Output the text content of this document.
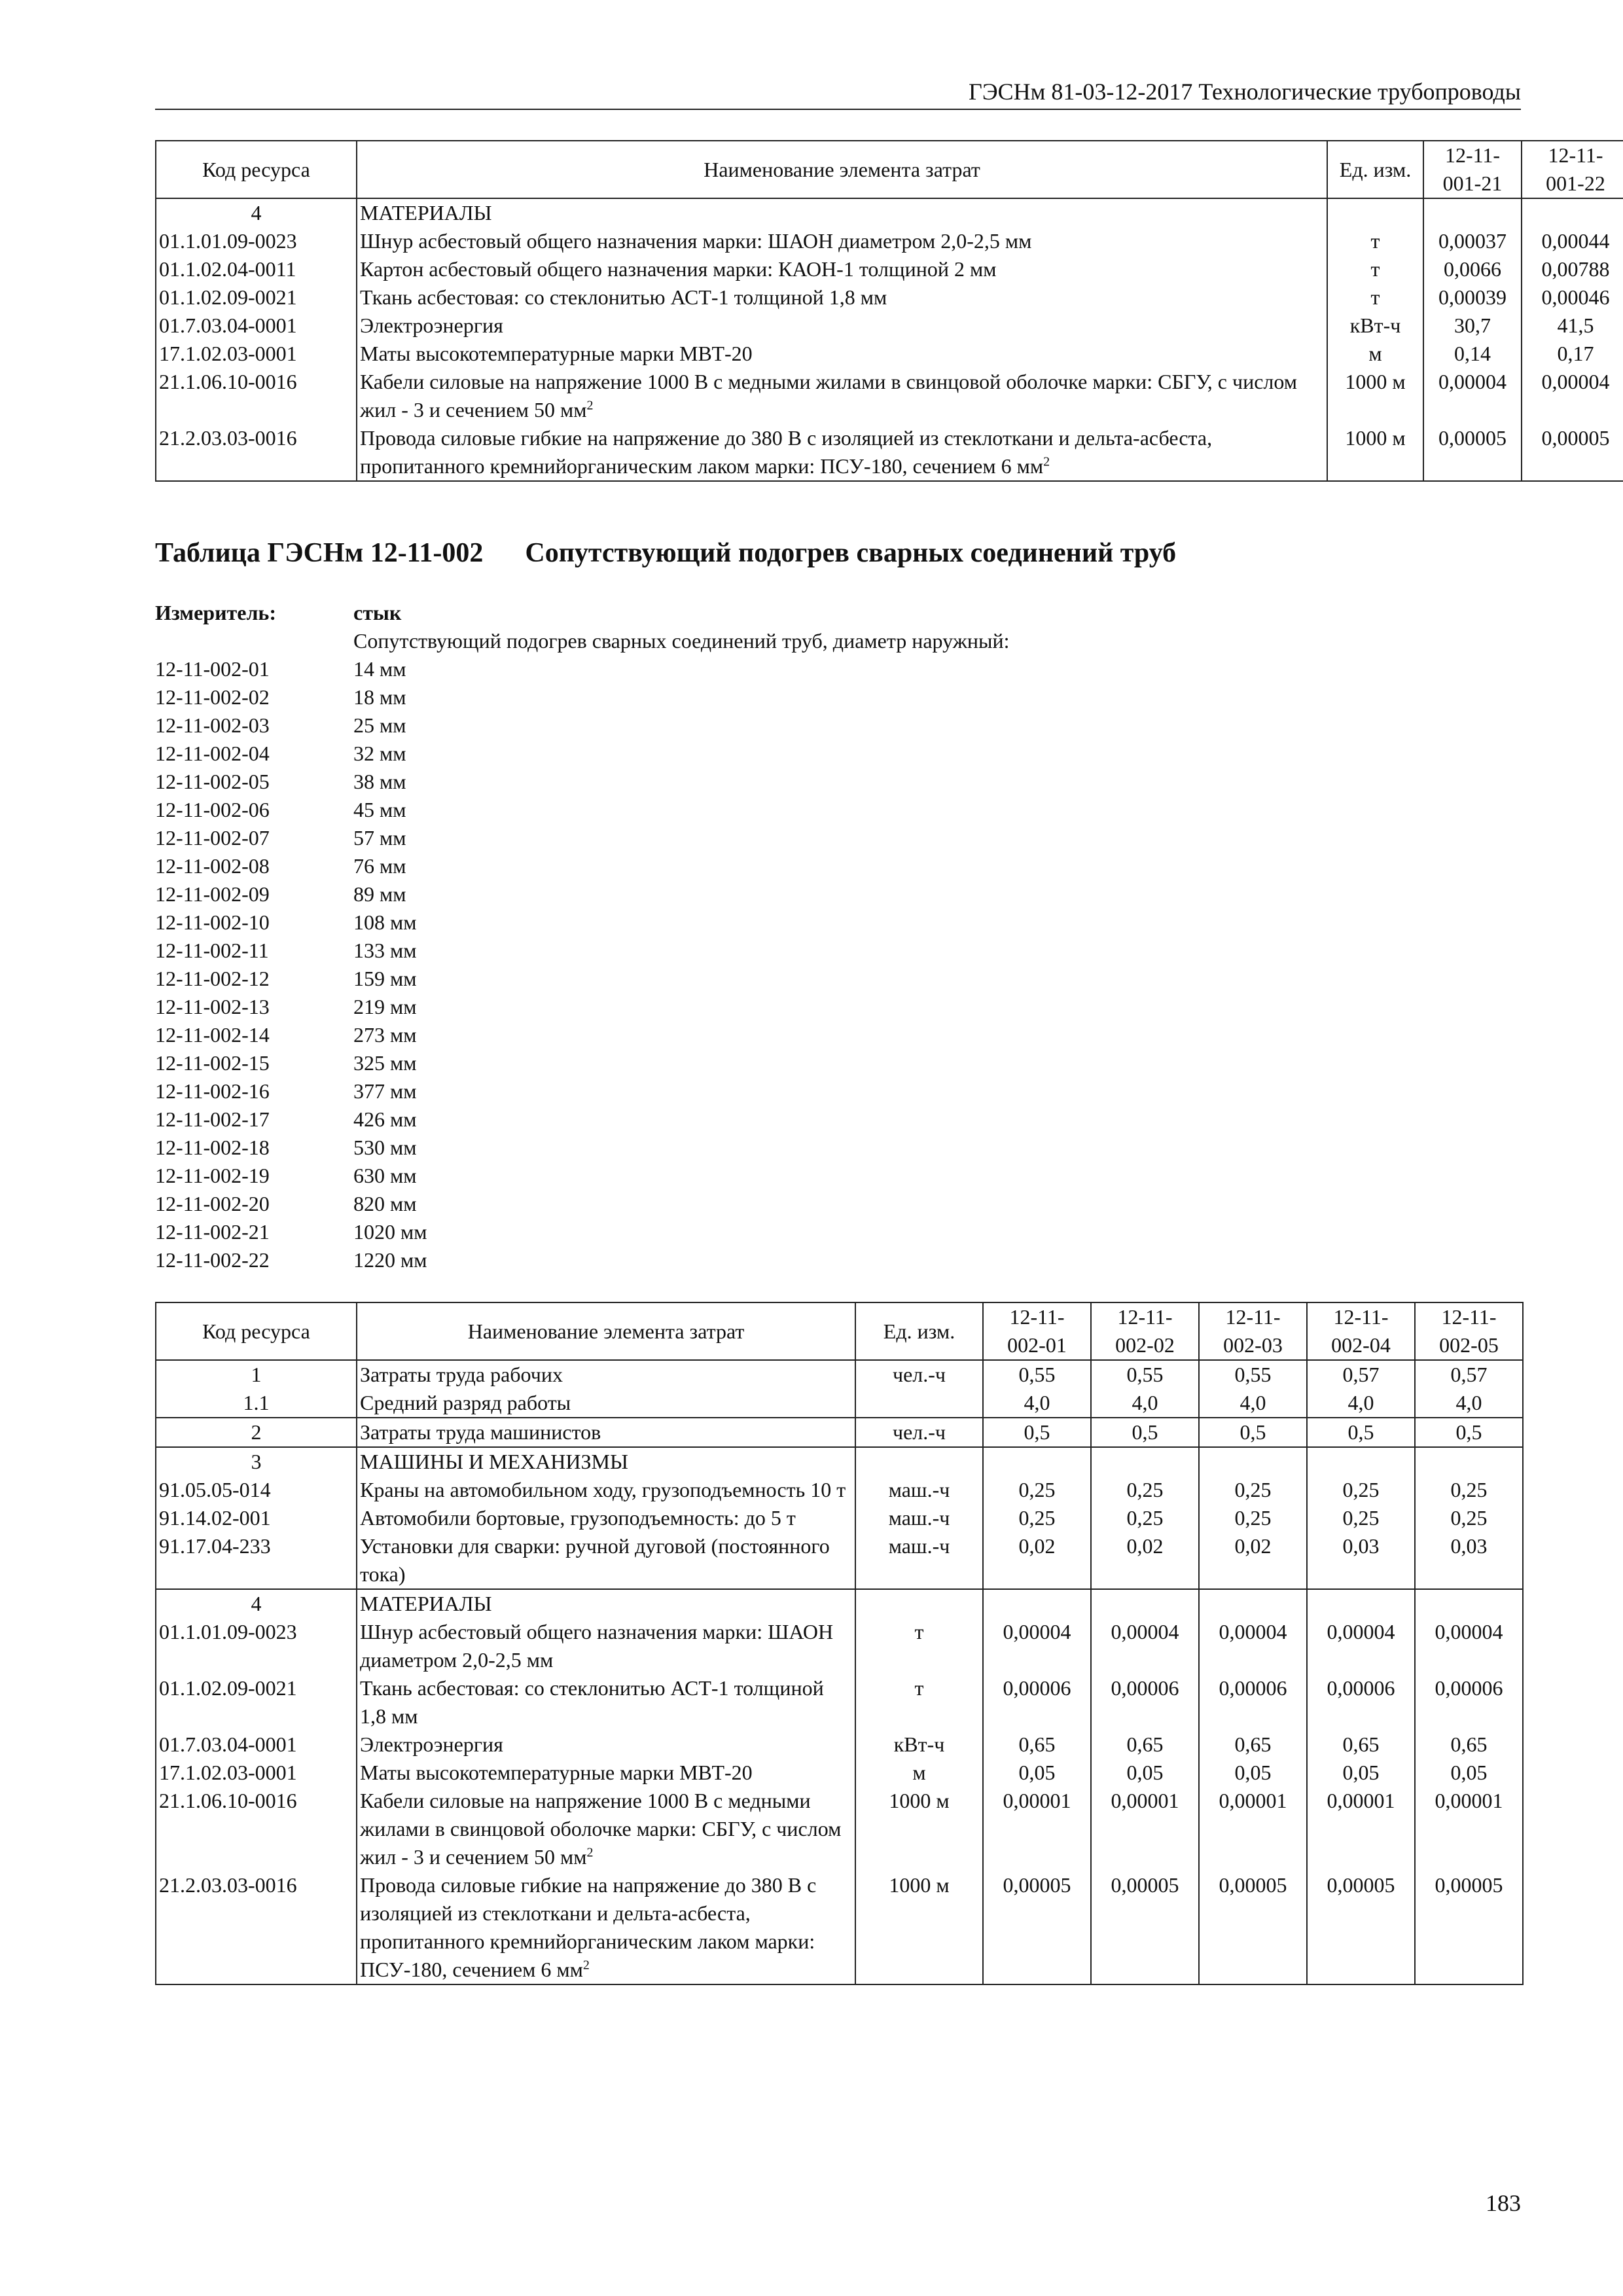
ГЭСНм 81-03-12-2017 Технологические трубопроводы
Код ресурса	Наименование элемента затрат	Ед. изм.	12-11-
001-21	12-11-
001-22
4	МАТЕРИАЛЫ			
01.1.01.09-0023	Шнур асбестовый общего назначения марки: ШАОН диаметром 2,0-2,5 мм	т	0,00037	0,00044
01.1.02.04-0011	Картон асбестовый общего назначения марки: КАОН-1 толщиной 2 мм	т	0,0066	0,00788
01.1.02.09-0021	Ткань асбестовая: со стеклонитью АСТ-1 толщиной 1,8 мм	т	0,00039	0,00046
01.7.03.04-0001	Электроэнергия	кВт-ч	30,7	41,5
17.1.02.03-0001	Маты высокотемпературные марки МВТ-20	м	0,14	0,17
21.1.06.10-0016	Кабели силовые на напряжение 1000 В с медными жилами в свинцовой оболочке марки: СБГУ, с числом жил - 3 и сечением 50 $мм^2$	1000 м	0,00004	0,00004
21.2.03.03-0016	Провода силовые гибкие на напряжение до 380 В с изоляцией из стеклоткани и дельта-асбеста, пропитанного кремнийорганическим лаком марки: ПСУ-180, сечением 6 $мм^2$	1000 м	0,00005	0,00005
Таблица ГЭСНм 12-11-002 Сопутствующий подогрев сварных соединений труб
Измеритель:	стык
Сопутствующий подогрев сварных соединений труб, диаметр наружный:
12-11-002-01	14 мм
12-11-002-02	18 мм
12-11-002-03	25 мм
12-11-002-04	32 мм
12-11-002-05	38 мм
12-11-002-06	45 мм
12-11-002-07	57 мм
12-11-002-08	76 мм
12-11-002-09	89 мм
12-11-002-10	108 мм
12-11-002-11	133 мм
12-11-002-12	159 мм
12-11-002-13	219 мм
12-11-002-14	273 мм
12-11-002-15	325 мм
12-11-002-16	377 мм
12-11-002-17	426 мм
12-11-002-18	530 мм
12-11-002-19	630 мм
12-11-002-20	820 мм
12-11-002-21	1020 мм
12-11-002-22	1220 мм
Код ресурса	Наименование элемента затрат	Ед. изм.	12-11-
002-01	12-11-
002-02	12-11-
002-03	12-11-
002-04	12-11-
002-05
1	Затраты труда рабочих	чел.-ч	0,55	0,55	0,55	0,57	0,57
1.1	Средний разряд работы		4,0	4,0	4,0	4,0	4,0
2	Затраты труда машинистов	чел.-ч	0,5	0,5	0,5	0,5	0,5
3	МАШИНЫ И МЕХАНИЗМЫ						
91.05.05-014	Краны на автомобильном ходу, грузоподъемность 10 т	маш.-ч	0,25	0,25	0,25	0,25	0,25
91.14.02-001	Автомобили бортовые, грузоподъемность: до 5 т	маш.-ч	0,25	0,25	0,25	0,25	0,25
91.17.04-233	Установки для сварки: ручной дуговой (постоянного тока)	маш.-ч	0,02	0,02	0,02	0,03	0,03
4	МАТЕРИАЛЫ						
01.1.01.09-0023	Шнур асбестовый общего назначения марки: ШАОН диаметром 2,0-2,5 мм	т	0,00004	0,00004	0,00004	0,00004	0,00004
01.1.02.09-0021	Ткань асбестовая: со стеклонитью АСТ-1 толщиной 1,8 мм	т	0,00006	0,00006	0,00006	0,00006	0,00006
01.7.03.04-0001	Электроэнергия	кВт-ч	0,65	0,65	0,65	0,65	0,65
17.1.02.03-0001	Маты высокотемпературные марки МВТ-20	м	0,05	0,05	0,05	0,05	0,05
21.1.06.10-0016	Кабели силовые на напряжение 1000 В с медными жилами в свинцовой оболочке марки: СБГУ, с числом жил - 3 и сечением 50 $мм^2$	1000 м	0,00001	0,00001	0,00001	0,00001	0,00001
21.2.03.03-0016	Провода силовые гибкие на напряжение до 380 В с изоляцией из стеклоткани и дельта-асбеста, пропитанного кремнийорганическим лаком марки: ПСУ-180, сечением 6 $мм^2$	1000 м	0,00005	0,00005	0,00005	0,00005	0,00005
183
